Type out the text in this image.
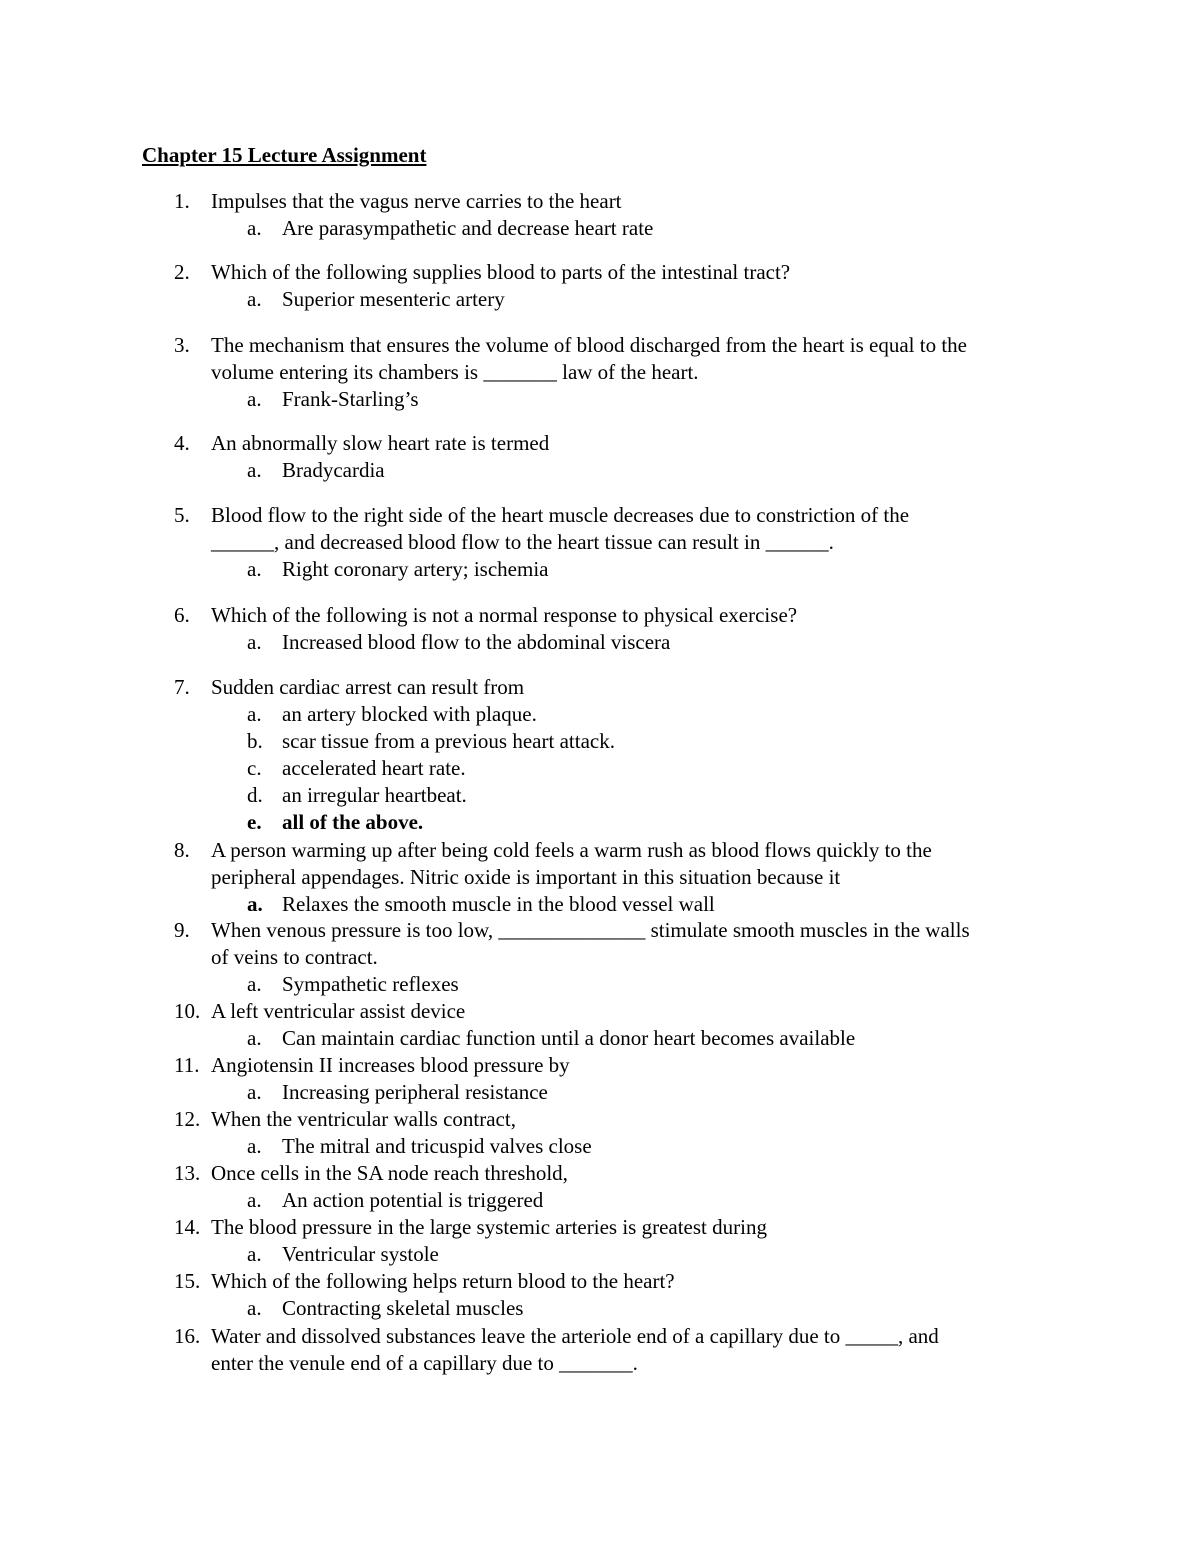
Chapter 15 Lecture Assignment
1. Impulses that the vagus nerve carries to the heart
a. Are parasympathetic and decrease heart rate
2. Which of the following supplies blood to parts of the intestinal tract?
a. Superior mesenteric artery
3. The mechanism that ensures the volume of blood discharged from the heart is equal to the
volume entering its chambers is _______ law of the heart.
a. Frank-Starling’s
4. An abnormally slow heart rate is termed
a. Bradycardia
5. Blood flow to the right side of the heart muscle decreases due to constriction of the
______, and decreased blood flow to the heart tissue can result in ______.
a. Right coronary artery; ischemia
6. Which of the following is not a normal response to physical exercise?
a. Increased blood flow to the abdominal viscera
7. Sudden cardiac arrest can result from
a. an artery blocked with plaque.
b. scar tissue from a previous heart attack.
c. accelerated heart rate.
d. an irregular heartbeat.
e. all of the above.
8. A person warming up after being cold feels a warm rush as blood flows quickly to the
peripheral appendages. Nitric oxide is important in this situation because it
a. Relaxes the smooth muscle in the blood vessel wall
9. When venous pressure is too low, ______________ stimulate smooth muscles in the walls
of veins to contract.
a. Sympathetic reflexes
10. A left ventricular assist device
a. Can maintain cardiac function until a donor heart becomes available
11. Angiotensin II increases blood pressure by
a. Increasing peripheral resistance
12. When the ventricular walls contract,
a. The mitral and tricuspid valves close
13. Once cells in the SA node reach threshold,
a. An action potential is triggered
14. The blood pressure in the large systemic arteries is greatest during
a. Ventricular systole
15. Which of the following helps return blood to the heart?
a. Contracting skeletal muscles
16. Water and dissolved substances leave the arteriole end of a capillary due to _____, and
enter the venule end of a capillary due to _______.
